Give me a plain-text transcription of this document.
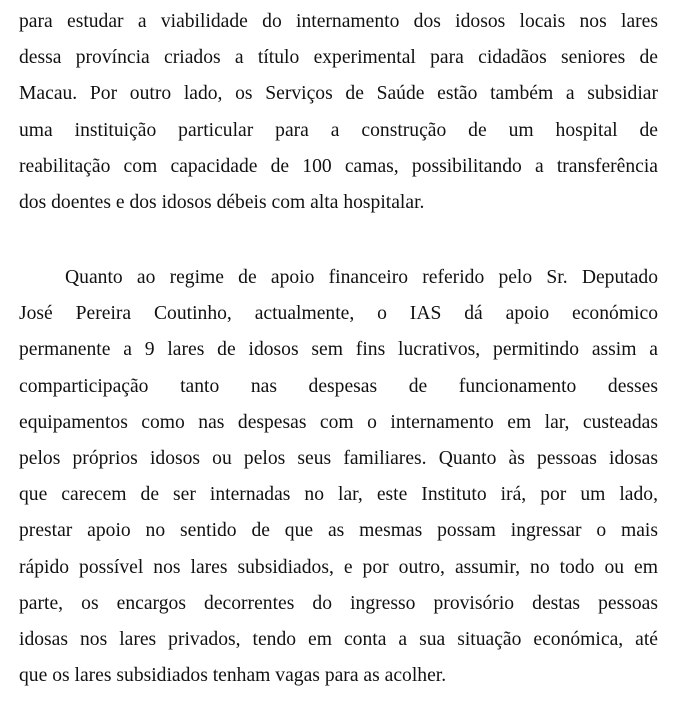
para estudar a viabilidade do internamento dos idosos locais nos lares
dessa província criados a título experimental para cidadãos seniores de
Macau. Por outro lado, os Serviços de Saúde estão também a subsidiar
uma instituição particular para a construção de um hospital de
reabilitação com capacidade de 100 camas, possibilitando a transferência
dos doentes e dos idosos débeis com alta hospitalar.
Quanto ao regime de apoio financeiro referido pelo Sr. Deputado
José Pereira Coutinho, actualmente, o IAS dá apoio económico
permanente a 9 lares de idosos sem fins lucrativos, permitindo assim a
comparticipação tanto nas despesas de funcionamento desses
equipamentos como nas despesas com o internamento em lar, custeadas
pelos próprios idosos ou pelos seus familiares. Quanto às pessoas idosas
que carecem de ser internadas no lar, este Instituto irá, por um lado,
prestar apoio no sentido de que as mesmas possam ingressar o mais
rápido possível nos lares subsidiados, e por outro, assumir, no todo ou em
parte, os encargos decorrentes do ingresso provisório destas pessoas
idosas nos lares privados, tendo em conta a sua situação económica, até
que os lares subsidiados tenham vagas para as acolher.
